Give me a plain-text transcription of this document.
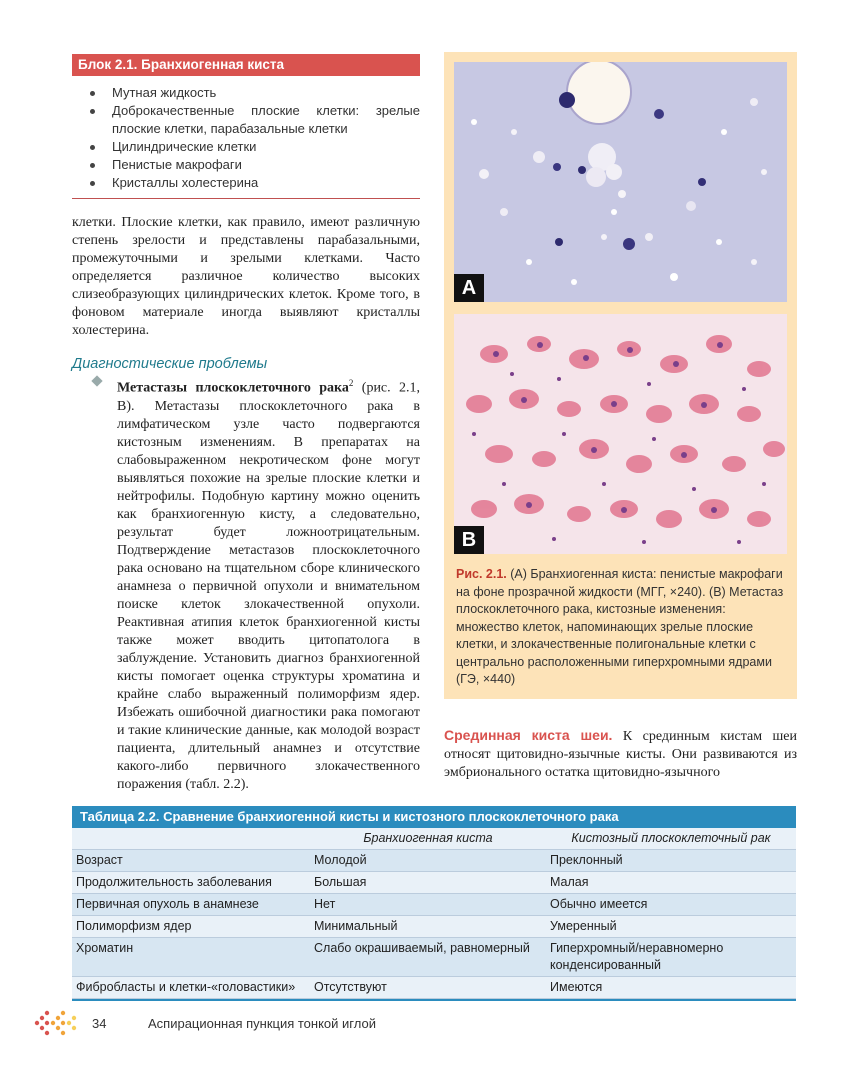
Блок 2.1. Бранхиогенная киста
Мутная жидкость
Доброкачественные плоские клетки: зрелые плоские клетки, парабазальные клетки
Цилиндрические клетки
Пенистые макрофаги
Кристаллы холестерина

клетки. Плоские клетки, как правило, имеют различную степень зрелости и представлены парабазальными, промежуточными и зрелыми клетками. Часто определяется различное количество высоких слизеобразующих цилиндрических клеток. Кроме того, в фоновом материале иногда выявляют кристаллы холестерина.

Диагностические проблемы
Метастазы плоскоклеточного рака$^2$ (рис. 2.1, В). Метастазы плоскоклеточного рака в лимфатическом узле часто подвергаются кистозным изменениям. В препаратах на слабовыраженном некротическом фоне могут выявляться похожие на зрелые плоские клетки и нейтрофилы. Подобную картину можно оценить как бранхиогенную кисту, а следовательно, результат будет ложноотрицательным. Подтверждение метастазов плоскоклеточного рака основано на тщательном сборе клинического анамнеза о первичной опухоли и внимательном поиске клеток злокачественной опухоли. Реактивная атипия клеток бранхиогенной кисты также может вводить цитопатолога в заблуждение. Установить диагноз бранхиогенной кисты помогает оценка структуры хроматина и крайне слабо выраженный полиморфизм ядер. Избежать ошибочной диагностики рака помогают и такие клинические данные, как молодой возраст пациента, длительный анамнез и отсутствие какого-либо первичного злокачественного поражения (табл. 2.2).
A
B
Рис. 2.1. (А) Бранхиогенная киста: пенистые макрофаги на фоне прозрачной жидкости (МГГ, ×240). (В) Метастаз плоскоклеточного рака, кистозные изменения: множество клеток, напоминающих зрелые плоские клетки, и злокачественные полигональные клетки с центрально расположенными гиперхромными ядрами (ГЭ, ×440)

Срединная киста шеи. К срединным кистам шеи относят щитовидно-язычные кисты. Они развиваются из эмбрионального остатка щитовидно-язычного

Таблица 2.2. Сравнение бранхиогенной кисты и кистозного плоскоклеточного рака
	Бранхиогенная киста	Кистозный плоскоклеточный рак
Возраст	Молодой	Преклонный
Продолжительность заболевания	Большая	Малая
Первичная опухоль в анамнезе	Нет	Обычно имеется
Полиморфизм ядер	Минимальный	Умеренный
Хроматин	Слабо окрашиваемый, равномерный	Гиперхромный/неравномерно конденсированный
Фибробласты и клетки-«головастики»	Отсутствуют	Имеются
34	Аспирационная пункция тонкой иглой
